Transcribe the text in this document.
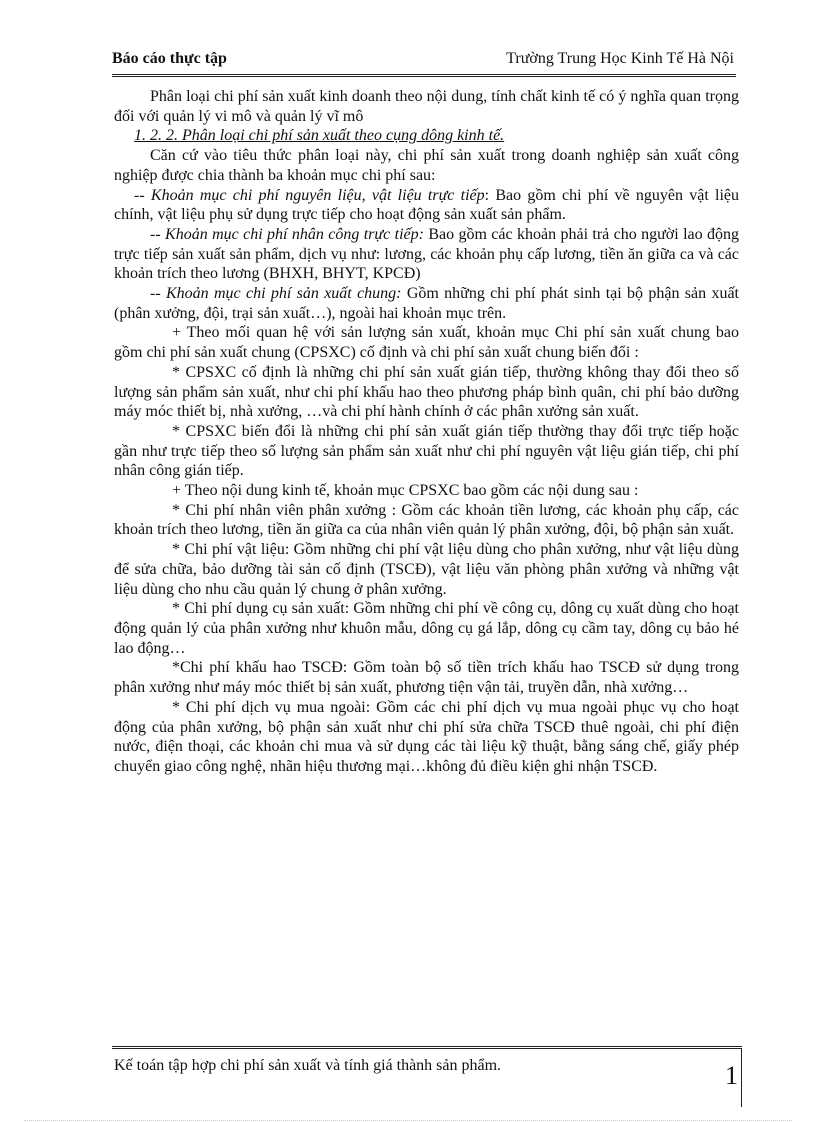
Báo cáo thực tập	Trường Trung Học Kinh Tế Hà Nội

Phân loại chi phí sản xuất kinh doanh theo nội dung, tính chất kinh tế có ý nghĩa quan trọng đối với quản lý vi mô và quản lý vĩ mô

1. 2. 2. Phân loại chi phí sản xuất theo cụng dông kinh tế.

Căn cứ vào tiêu thức phân loại này, chi phí sản xuất trong doanh nghiệp sản xuất công nghiệp được chia thành ba khoản mục chi phí sau:

-- Khoản mục chi phí nguyên liệu, vật liệu trực tiếp: Bao gồm chi phí về nguyên vật liệu chính, vật liệu phụ sử dụng trực tiếp cho hoạt động sản xuất sản phẩm.

-- Khoản mục chi phí nhân công trực tiếp: Bao gồm các khoản phải trả cho người lao động trực tiếp sản xuất sản phẩm, dịch vụ như: lương, các khoản phụ cấp lương, tiền ăn giữa ca và các khoản trích theo lương (BHXH, BHYT, KPCĐ)

-- Khoản mục chi phí sản xuất chung: Gồm những chi phí phát sinh tại bộ phận sản xuất (phân xưởng, đội, trại sản xuất…), ngoài hai khoản mục trên.

+ Theo mối quan hệ với sản lượng sản xuất, khoản mục Chi phí sản xuất chung bao gồm chi phí sản xuất chung (CPSXC) cố định và chi phí sản xuất chung biến đổi :

* CPSXC cố định là những chi phí sản xuất gián tiếp, thường không thay đổi theo số lượng sản phẩm sản xuất, như chi phí khấu hao theo phương pháp bình quân, chi phí bảo dưỡng máy móc thiết bị, nhà xưởng, …và chi phí hành chính ở các phân xưởng sản xuất.

* CPSXC biến đổi là những chi phí sản xuất gián tiếp thường thay đổi trực tiếp hoặc gần như trực tiếp theo số lượng sản phẩm sản xuất như chi phí nguyên vật liệu gián tiếp, chi phí nhân công gián tiếp.

+ Theo nội dung kinh tế, khoản mục CPSXC bao gồm các nội dung sau :

* Chi phí nhân viên phân xưởng : Gồm các khoản tiền lương, các khoản phụ cấp, các khoản trích theo lương, tiền ăn giữa ca của nhân viên quản lý phân xưởng, đội, bộ phận sản xuất.

* Chi phí vật liệu: Gồm những chi phí vật liệu dùng cho phân xưởng, như vật liệu dùng để sửa chữa, bảo dưỡng tài sản cố định (TSCĐ), vật liệu văn phòng phân xưởng và những vật liệu dùng cho nhu cầu quản lý chung ở phân xưởng.

* Chi phí dụng cụ sản xuất: Gồm những chi phí về công cụ, dông cụ xuất dùng cho hoạt động quản lý của phân xưởng như khuôn mẫu, dông cụ gá lắp, dông cụ cầm tay, dông cụ bảo hé lao động…

*Chi phí khấu hao TSCĐ: Gồm toàn bộ số tiền trích khấu hao TSCĐ sử dụng trong phân xưởng như máy móc thiết bị sản xuất, phương tiện vận tải, truyền dẫn, nhà xưởng…

* Chi phí dịch vụ mua ngoài: Gồm các chi phí dịch vụ mua ngoài phục vụ cho hoạt động của phân xưởng, bộ phận sản xuất như chi phí sửa chữa TSCĐ thuê ngoài, chi phí điện nước, điện thoại, các khoản chi mua và sử dụng các tài liệu kỹ thuật, bằng sáng chế, giấy phép chuyển giao công nghệ, nhãn hiệu thương mại…không đủ điều kiện ghi nhận TSCĐ.

Kế toán tập hợp chi phí sản xuất và tính giá thành sản phẩm.	1
